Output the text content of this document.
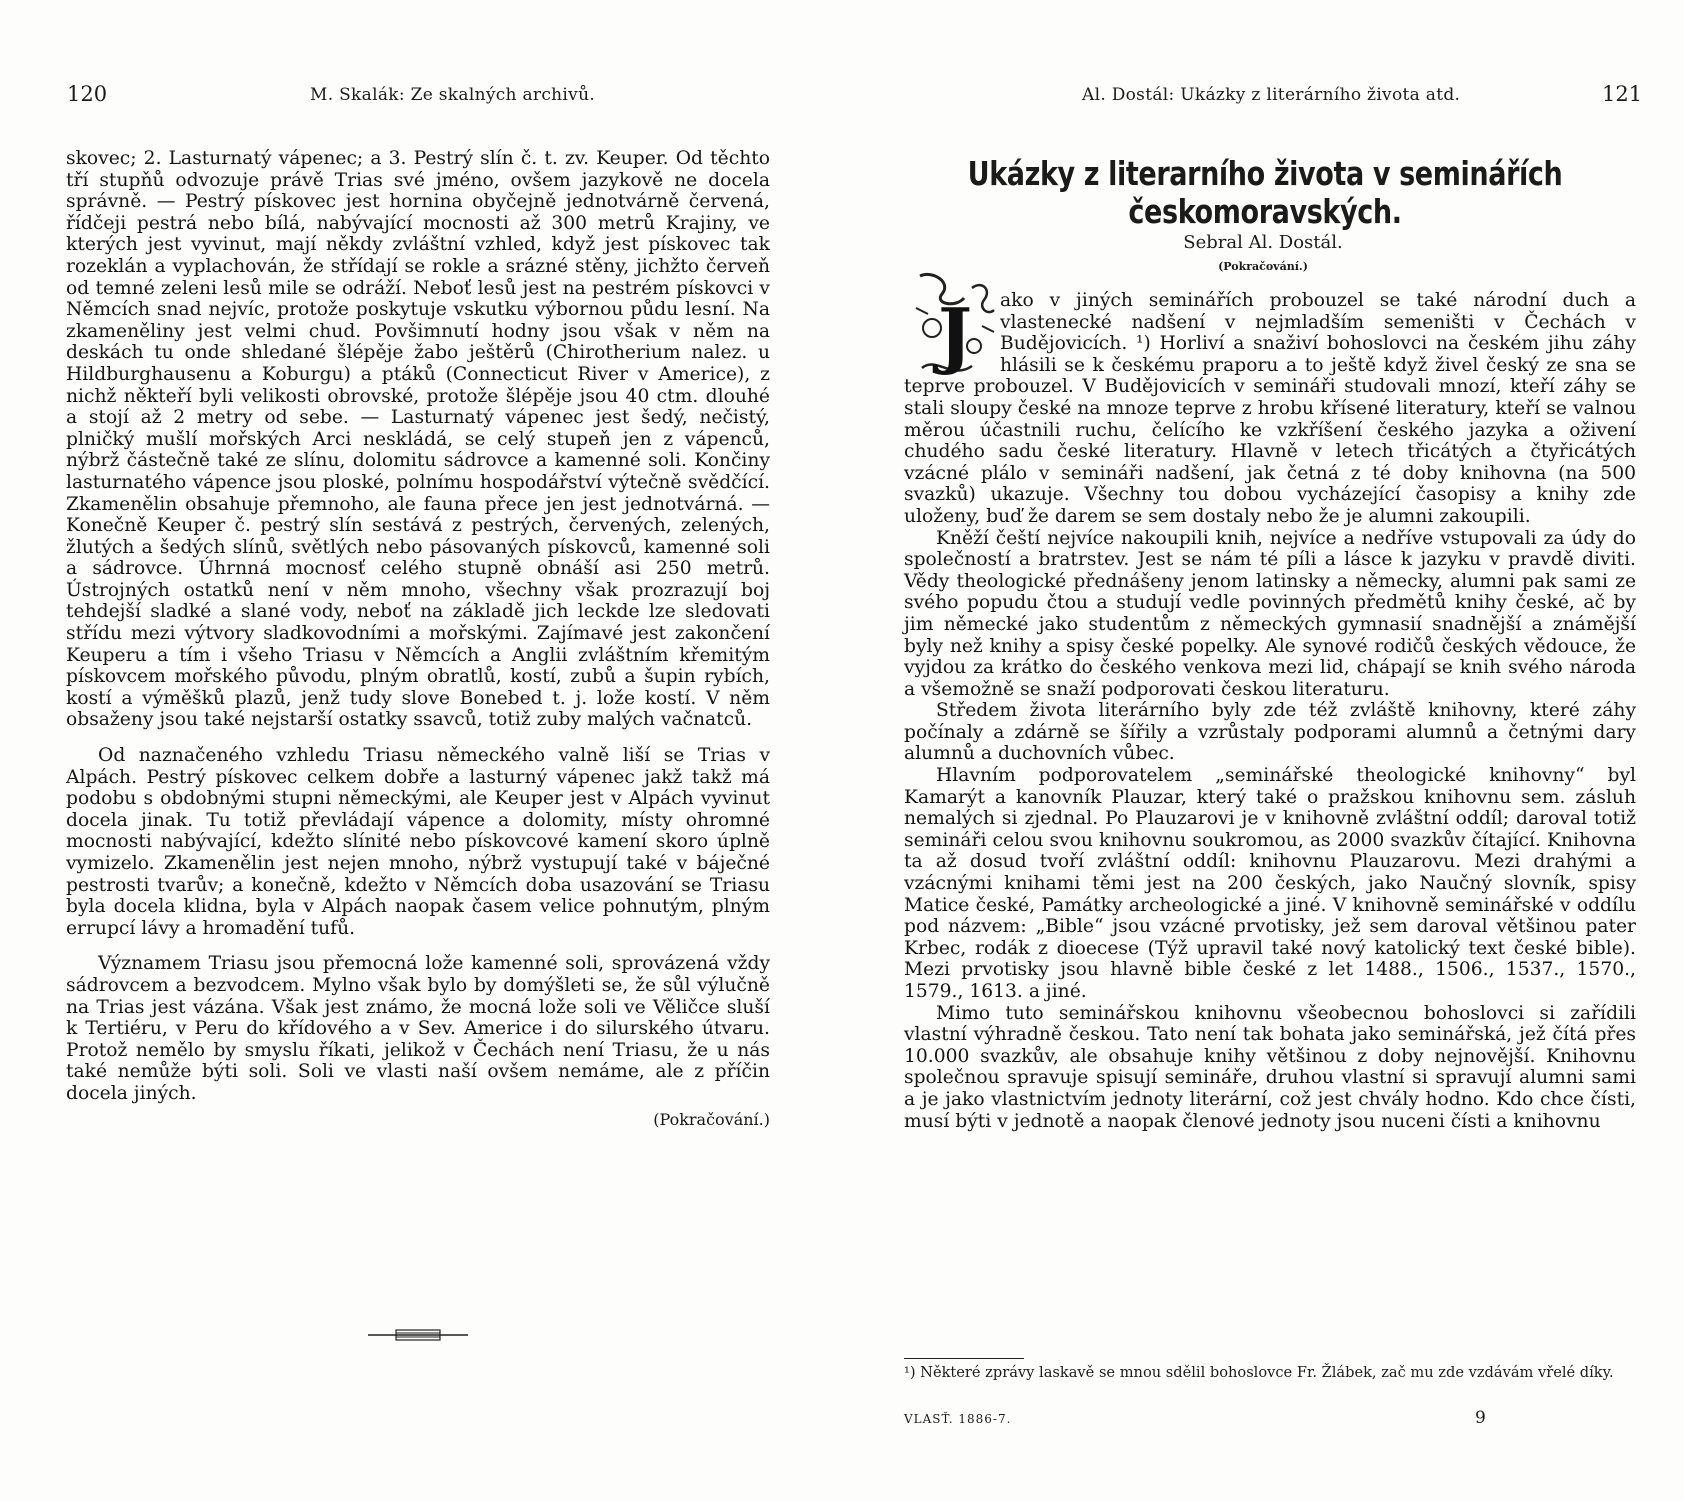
120	M. Skalák: Ze skalných archivů.

skovec; 2. Lasturnatý vápenec; a 3. Pestrý slín č. t. zv. Keuper. Od těchto tří stupňů odvozuje právě Trias své jméno, ovšem jazykově ne docela správně. — Pestrý pískovec jest hornina obyčejně jednotvárně červená, řídčeji pestrá nebo bílá, nabývající mocnosti až 300 metrů Krajiny, ve kterých jest vyvinut, mají někdy zvláštní vzhled, když jest pískovec tak rozeklán a vyplachován, že střídají se rokle a srázné stěny, jichžto červeň od temné zeleni lesů mile se odráží. Neboť lesů jest na pestrém pískovci v Němcích snad nejvíc, protože poskytuje vskutku výbornou půdu lesní. Na zkameněliny jest velmi chud. Povšimnutí hodny jsou však v něm na deskách tu onde shledané šlépěje žabo ještěrů (Chirotherium nalez. u Hildburghausenu a Koburgu) a ptáků (Connecticut River v Americe), z nichž někteří byli velikosti obrovské, protože šlépěje jsou 40 ctm. dlouhé a stojí až 2 metry od sebe. — Lasturnatý vápenec jest šedý, nečistý, plničký mušlí mořských Arci neskládá, se celý stupeň jen z vápenců, nýbrž částečně také ze slínu, dolomitu sádrovce a kamenné soli. Končiny lasturnatého vápence jsou ploské, polnímu hospodářství výtečně svědčící. Zkamenělin obsahuje přemnoho, ale fauna přece jen jest jednotvárná. — Konečně Keuper č. pestrý slín sestává z pestrých, červených, zelených, žlutých a šedých slínů, světlých nebo pásovaných pískovců, kamenné soli a sádrovce. Úhrnná mocnosť celého stupně obnáší asi 250 metrů. Ústrojných ostatků není v něm mnoho, všechny však prozrazují boj tehdejší sladké a slané vody, neboť na základě jich leckde lze sledovati střídu mezi výtvory sladkovodními a mořskými. Zajímavé jest zakončení Keuperu a tím i všeho Triasu v Němcích a Anglii zvláštním křemitým pískovcem mořského původu, plným obratlů, kostí, zubů a šupin rybích, kostí a výměšků plazů, jenž tudy slove Bonebed t. j. lože kostí. V něm obsaženy jsou také nejstarší ostatky ssavců, totiž zuby malých vačnatců.

Od naznačeného vzhledu Triasu německého valně liší se Trias v Alpách. Pestrý pískovec celkem dobře a lasturný vápenec jakž takž má podobu s obdobnými stupni německými, ale Keuper jest v Alpách vyvinut docela jinak. Tu totiž převládají vápence a dolomity, místy ohromné mocnosti nabývající, kdežto slínité nebo pískovcové kamení skoro úplně vymizelo. Zkamenělin jest nejen mnoho, nýbrž vystupují také v báječné pestrosti tvarův; a konečně, kdežto v Němcích doba usazování se Triasu byla docela klidna, byla v Alpách naopak časem velice pohnutým, plným errupcí lávy a hromadění tufů.

Významem Triasu jsou přemocná lože kamenné soli, sprovázená vždy sádrovcem a bezvodcem. Mylno však bylo by domýšleti se, že sůl výlučně na Trias jest vázána. Však jest známo, že mocná lože soli ve Věličce sluší k Tertiéru, v Peru do křídového a v Sev. Americe i do silurského útvaru. Protož nemělo by smyslu říkati, jelikož v Čechách není Triasu, že u nás také nemůže býti soli. Soli ve vlasti naší ovšem nemáme, ale z příčin docela jiných.

(Pokračování.)
Al. Dostál: Ukázky z literárního života atd.	121
Ukázky z literarního života v seminářích
českomoravských.
Sebral Al. Dostál.
(Pokračování.)
J	ako v jiných seminářích probouzel se také národní duch a vlastenecké nadšení v nejmladším semeništi v Čechách v Budějovicích. ¹) Horliví a snaživí bohoslovci na českém jihu záhy hlásili se k českému praporu a to ještě když živel český ze sna se teprve probouzel. V Budějovicích v semináři studovali mnozí, kteří záhy se stali sloupy české na mnoze teprve z hrobu křísené literatury, kteří se valnou měrou účastnili ruchu, čelícího ke vzkříšení českého jazyka a oživení chudého sadu české literatury. Hlavně v letech třicátých a čtyřicátých vzácné plálo v semináři nadšení, jak četná z té doby knihovna (na 500 svazků) ukazuje. Všechny tou dobou vycházející časopisy a knihy zde uloženy, buď že darem se sem dostaly nebo že je alumni zakoupili.

Kněží čeští nejvíce nakoupili knih, nejvíce a nedříve vstupovali za údy do společností a bratrstev. Jest se nám té píli a lásce k jazyku v pravdě diviti. Vědy theologické přednášeny jenom latinsky a německy, alumni pak sami ze svého popudu čtou a studují vedle povinných předmětů knihy české, ač by jim německé jako studentům z německých gymnasií snadnější a známější byly než knihy a spisy české popelky. Ale synové rodičů českých vědouce, že vyjdou za krátko do českého venkova mezi lid, chápají se knih svého národa a všemožně se snaží podporovati českou literaturu.

Středem života literárního byly zde též zvláště knihovny, které záhy počínaly a zdárně se šířily a vzrůstaly podporami alumnů a četnými dary alumnů a duchovních vůbec.

Hlavním podporovatelem „seminářské theologické knihovny“ byl Kamarýt a kanovník Plauzar, který také o pražskou knihovnu sem. zásluh nemalých si zjednal. Po Plauzarovi je v knihovně zvláštní oddíl; daroval totiž semináři celou svou knihovnu soukromou, as 2000 svazkův čítající. Knihovna ta až dosud tvoří zvláštní oddíl: knihovnu Plauzarovu. Mezi drahými a vzácnými knihami těmi jest na 200 českých, jako Naučný slovník, spisy Matice české, Památky archeologické a jiné. V knihovně seminářské v oddílu pod názvem: „Bible“ jsou vzácné prvotisky, jež sem daroval většinou pater Krbec, rodák z dioecese (Týž upravil také nový katolický text české bible). Mezi prvotisky jsou hlavně bible české z let 1488., 1506., 1537., 1570., 1579., 1613. a jiné.

Mimo tuto seminářskou knihovnu všeobecnou bohoslovci si zařídili vlastní výhradně českou. Tato není tak bohata jako seminářská, jež čítá přes 10.000 svazkův, ale obsahuje knihy většinou z doby nejnovější. Knihovnu společnou spravuje spisují semináře, druhou vlastní si spravují alumni sami a je jako vlastnictvím jednoty literární, což jest chvály hodno. Kdo chce čísti, musí býti v jednotě a naopak členové jednoty jsou nuceni čísti a knihovnu

¹) Některé zprávy laskavě se mnou sdělil bohoslovce Fr. Žlábek, zač mu zde vzdávám vřelé díky.
VLASŤ. 1886-7.	9
